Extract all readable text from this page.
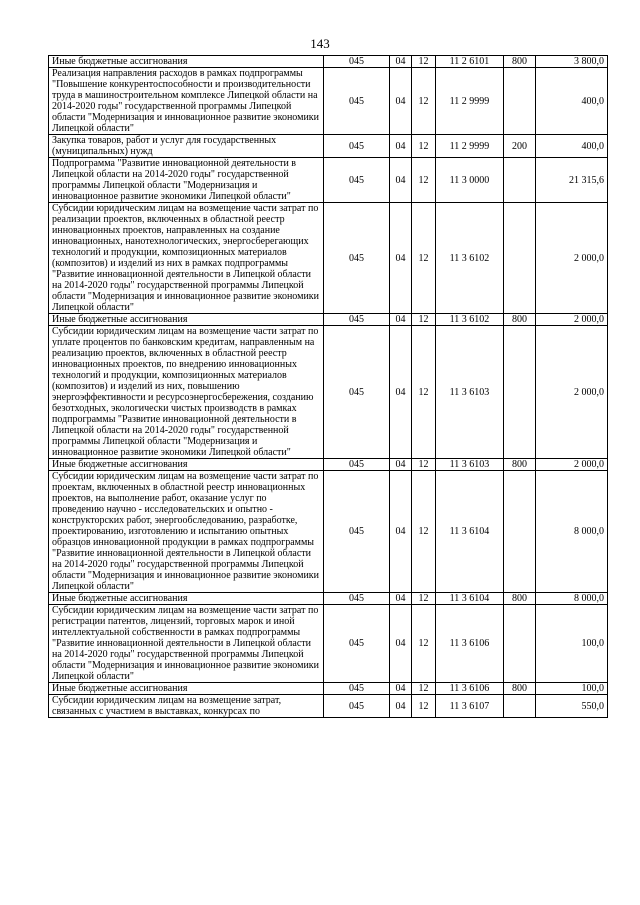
143
Иные бюджетные ассигнования	045	04	12	11 2 6101	800	3 800,0
Реализация направления расходов в рамках подпрограммы "Повышение конкурентоспособности и производительности труда в машиностроительном комплексе Липецкой области на 2014-2020 годы" государственной программы Липецкой области "Модернизация и инновационное развитие экономики Липецкой области"	045	04	12	11 2 9999		400,0
Закупка товаров, работ и услуг для государственных (муниципальных) нужд	045	04	12	11 2 9999	200	400,0
Подпрограмма "Развитие инновационной деятельности в Липецкой области на 2014-2020 годы" государственной программы Липецкой области "Модернизация и инновационное развитие экономики Липецкой области"	045	04	12	11 3 0000		21 315,6
Субсидии юридическим лицам на возмещение части затрат по реализации проектов, включенных в областной реестр инновационных проектов, направленных на создание инновационных, нанотехнологических, энергосберегающих технологий и продукции, композиционных материалов (композитов) и изделий из них в рамках подпрограммы "Развитие инновационной деятельности в Липецкой области на 2014-2020 годы" государственной программы Липецкой области "Модернизация и инновационное развитие экономики Липецкой области"	045	04	12	11 3 6102		2 000,0
Иные бюджетные ассигнования	045	04	12	11 3 6102	800	2 000,0
Субсидии юридическим лицам на возмещение части затрат по уплате процентов по банковским кредитам, направленным на реализацию проектов, включенных в областной реестр инновационных проектов, по внедрению инновационных технологий и продукции, композиционных материалов (композитов) и изделий из них, повышению энергоэффективности и ресурсоэнергосбережения, созданию безотходных, экологически чистых производств в рамках подпрограммы "Развитие инновационной деятельности в Липецкой области на 2014-2020 годы" государственной программы Липецкой области "Модернизация и инновационное развитие экономики Липецкой области"	045	04	12	11 3 6103		2 000,0
Иные бюджетные ассигнования	045	04	12	11 3 6103	800	2 000,0
Субсидии юридическим лицам на возмещение части затрат по проектам, включенных в областной реестр инновационных проектов, на выполнение работ, оказание услуг по проведению научно - исследовательских и опытно - конструкторских работ, энергообследованию, разработке, проектированию, изготовлению и испытанию опытных образцов инновационной продукции в рамках подпрограммы "Развитие инновационной деятельности в Липецкой области на 2014-2020 годы" государственной программы Липецкой области "Модернизация и инновационное развитие экономики Липецкой области"	045	04	12	11 3 6104		8 000,0
Иные бюджетные ассигнования	045	04	12	11 3 6104	800	8 000,0
Субсидии юридическим лицам на возмещение части затрат по регистрации патентов, лицензий, торговых марок и иной интеллектуальной собственности в рамках подпрограммы "Развитие инновационной деятельности в Липецкой области на 2014-2020 годы" государственной программы Липецкой области "Модернизация и инновационное развитие экономики Липецкой области"	045	04	12	11 3 6106		100,0
Иные бюджетные ассигнования	045	04	12	11 3 6106	800	100,0
Субсидии юридическим лицам на возмещение затрат, связанных с участием в выставках, конкурсах по	045	04	12	11 3 6107		550,0
